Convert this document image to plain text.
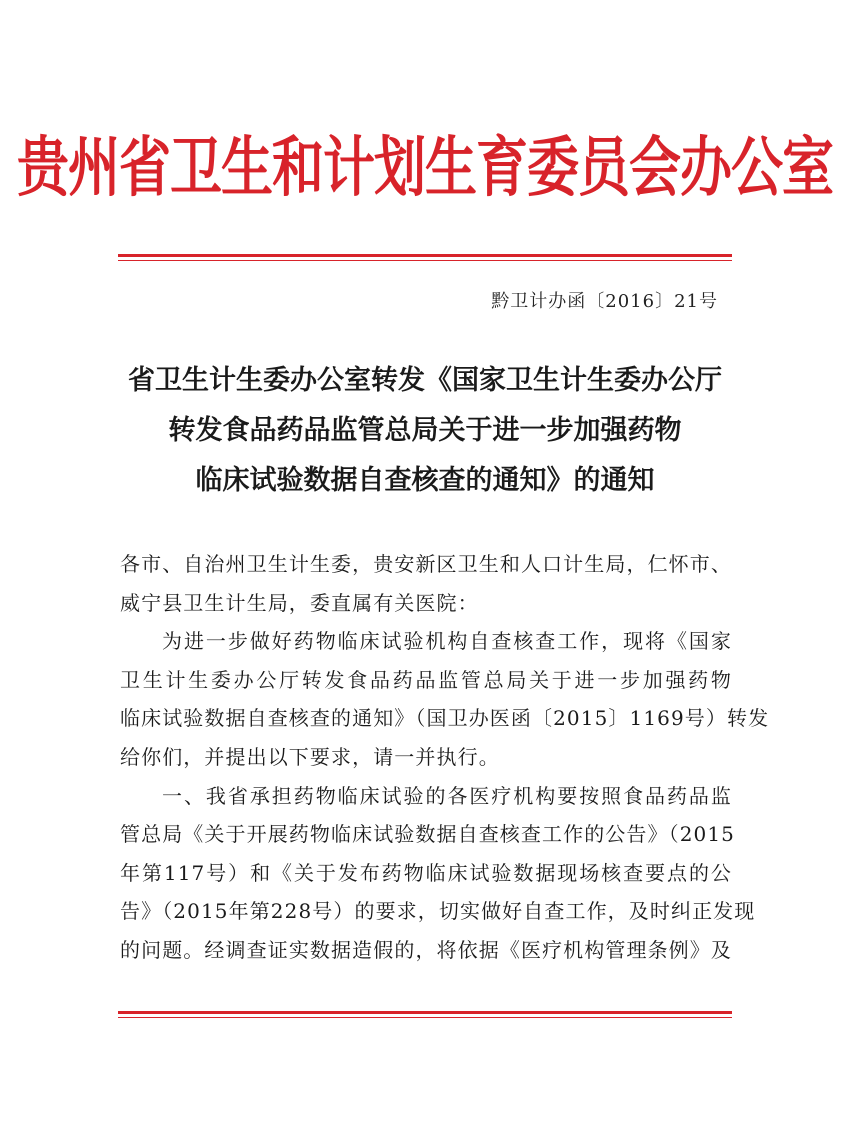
贵州省卫生和计划生育委员会办公室
黔卫计办函〔2016〕21号
省卫生计生委办公室转发《国家卫生计生委办公厅
转发食品药品监管总局关于进一步加强药物
临床试验数据自查核查的通知》的通知
各市、自治州卫生计生委，贵安新区卫生和人口计生局，仁怀市、
威宁县卫生计生局，委直属有关医院：
为进一步做好药物临床试验机构自查核查工作，现将《国家
卫生计生委办公厅转发食品药品监管总局关于进一步加强药物
临床试验数据自查核查的通知》（国卫办医函〔2015〕1169号）转发
给你们，并提出以下要求，请一并执行。
一、我省承担药物临床试验的各医疗机构要按照食品药品监
管总局《关于开展药物临床试验数据自查核查工作的公告》（2015
年第117号）和《关于发布药物临床试验数据现场核查要点的公
告》（2015年第228号）的要求，切实做好自查工作，及时纠正发现
的问题。经调查证实数据造假的，将依据《医疗机构管理条例》及
